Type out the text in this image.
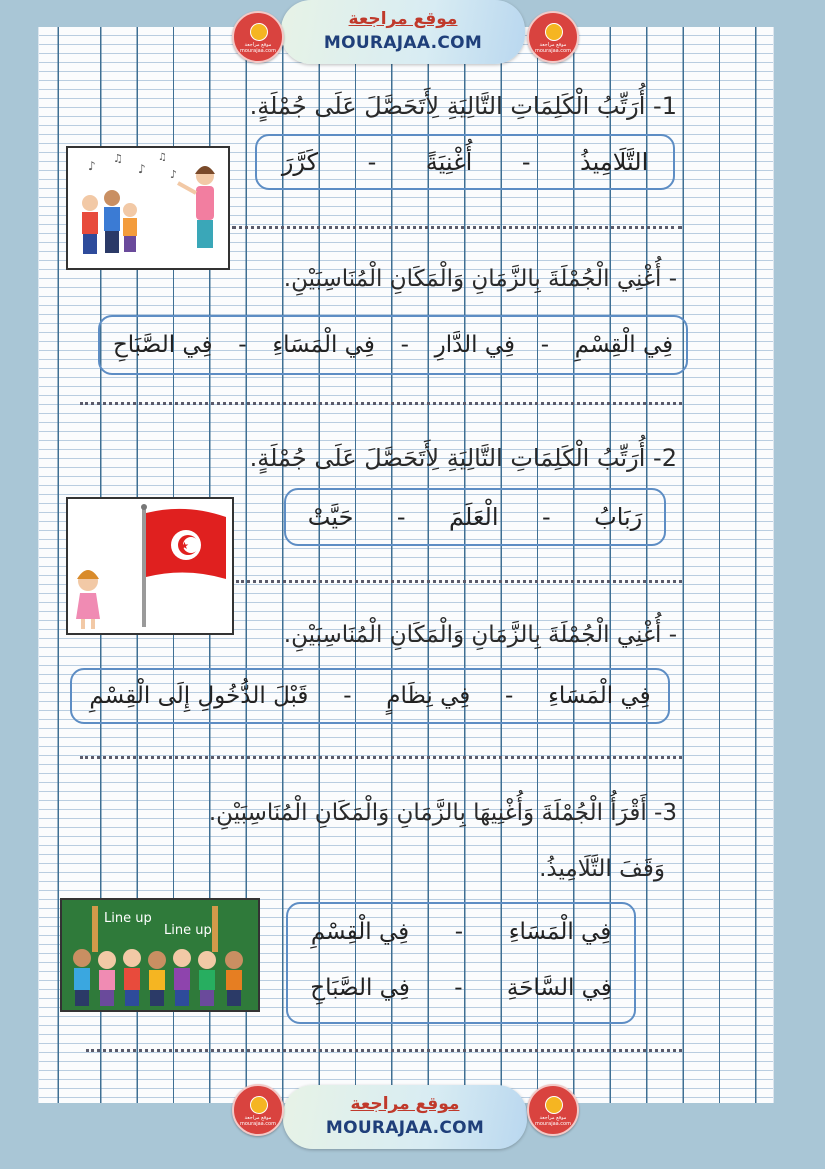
موقع مراجعة
MOURAJAA.COM
موقع مراجعة
mourajaa.com
موقع مراجعة
mourajaa.com
1- أُرَتِّبُ الْكَلِمَاتِ التَّالِيَةِ لِأَتَحَصَّلَ عَلَى جُمْلَةٍ.
التَّلَامِيذُ
-
أُغْنِيَةً
-
كَرَّرَ
♪
♫
♪
♫
♪
- أُغْنِي الْجُمْلَةَ بِالزَّمَانِ وَالْمَكَانِ الْمُنَاسِبَيْنِ.
فِي الْقِسْمِ
-
فِي الدَّارِ
-
فِي الْمَسَاءِ
-
فِي الصَّبَاحِ
2- أُرَتِّبُ الْكَلِمَاتِ التَّالِيَةِ لِأَتَحَصَّلَ عَلَى جُمْلَةٍ.
رَبَابُ
-
الْعَلَمَ
-
حَيَّتْ
★
- أُغْنِي الْجُمْلَةَ بِالزَّمَانِ وَالْمَكَانِ الْمُنَاسِبَيْنِ.
فِي الْمَسَاءِ
-
فِي نِظَامٍ
-
قَبْلَ الدُّخُولِ إِلَى الْقِسْمِ
3- أَقْرَأُ الْجُمْلَةَ وَأُغْنِيهَا بِالزَّمَانِ وَالْمَكَانِ الْمُنَاسِبَيْنِ.
وَقَفَ التَّلَامِيذُ.
Line up
Line up	فِي الْمَسَاءِ
-
فِي الْقِسْمِ
فِي السَّاحَةِ
-
فِي الصَّبَاحِ
موقع مراجعة
MOURAJAA.COM
موقع مراجعة
mourajaa.com
موقع مراجعة
mourajaa.com
